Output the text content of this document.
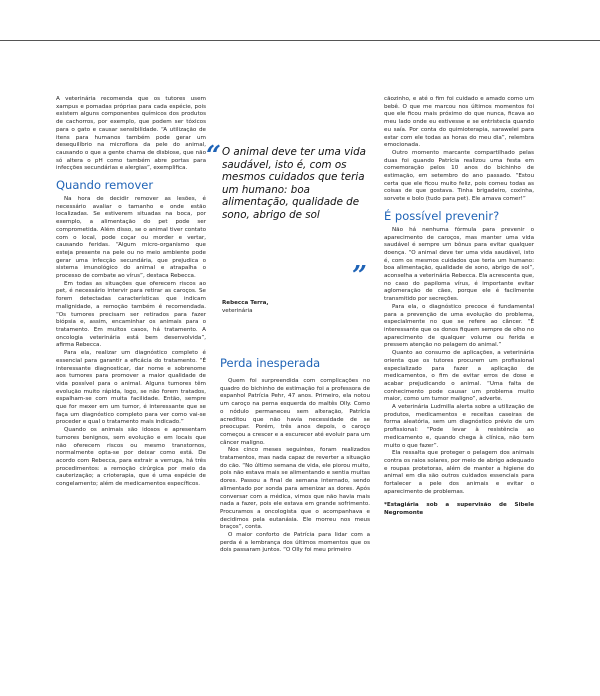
A veterinária recomenda que os tutores usem xampus e pomadas próprias para cada espécie, pois existem alguns componentes químicos dos produtos de cachorros, por exemplo, que podem ser tóxicos para o gato e causar sensibilidade. “A utilização de itens para humanos também pode gerar um desequilíbrio na microflora da pele do animal, causando o que a gente chama de disbiose, que não só altera o pH como também abre portas para infecções secundárias e alergias”, exemplifica.

Quando remover

Na hora de decidir remover as lesões, é necessário avaliar o tamanho e onde estão localizadas. Se estiverem situadas na boca, por exemplo, a alimentação do pet pode ser comprometida. Além disso, se o animal tiver contato com o local, pode coçar ou morder e vertar, causando feridas. “Algum micro-organismo que esteja presente na pele ou no meio ambiente pode gerar uma infecção secundária, que prejudica o sistema imunológico do animal e atrapalha o processo de combate ao vírus”, destaca Rebecca.

Em todas as situações que oferecem riscos ao pet, é necessário intervir para retirar as caroços. Se forem detectadas características que indicam malignidade, a remoção também é recomendada. “Os tumores precisam ser retirados para fazer biópsia e, assim, encaminhar os animais para o tratamento. Em muitos casos, há tratamento. A oncologia veterinária está bem desenvolvida”, afirma Rebecca.

Para ela, realizar um diagnóstico completo é essencial para garantir a eficácia do tratamento. “É interessante diagnosticar, dar nome e sobrenome aos tumores para promover a maior qualidade de vida possível para o animal. Alguns tumores têm evolução muito rápida, logo, se não forem tratados, espalham-se com muita facilidade. Então, sempre que for mexer em um tumor, é interessante que se faça um diagnóstico completo para ver como vai-se proceder e qual o tratamento mais indicado.”

Quando os animais são idosos e apresentam tumores benignos, sem evolução e em locais que não oferecem riscos ou mesmo transtornos, normalmente opta-se por deixar como está. De acordo com Rebecca, para extrair a verruga, há três procedimentos: a remoção cirúrgica por meio da cauterização; a crioterapia, que é uma espécie de congelamento; além de medicamentos específicos.

“ O animal deve ter uma vida saudável, isto é, com os mesmos cuidados que teria um humano: boa alimentação, qualidade de sono, abrigo de sol
”
Rebecca Terra,
veterinária
Perda inesperada

Quem foi surpreendida com complicações no quadro do bichinho de estimação foi a professora de espanhol Patrícia Pehr, 47 anos. Primeiro, ela notou um caroço na perna esquerda do maltês Olly. Como o nódulo permaneceu sem alteração, Patrícia acreditou que não havia necessidade de se preocupar. Porém, três anos depois, o caroço começou a crescer e a escurecer até evoluir para um câncer maligno.

Nos cinco meses seguintes, foram realizados tratamentos, mas nada capaz de reverter a situação do cão. “No último semana de vida, ele piorou muito, pois não estava mais se alimentando e sentia muitas dores. Passou a final de semana internado, sendo alimentado por sonda para amenizar as dores. Após conversar com a médica, vimos que não havia mais nada a fazer, pois ele estava em grande sofrimento. Procuramos a oncologista que o acompanhava e decidimos pela eutanásia. Ele morreu nos meus braços”, conta.

O maior conforto de Patrícia para lidar com a perda é a lembrança dos últimos momentos que os dois passaram juntos. “O Olly foi meu primeiro

cãozinho, e até o fim foi cuidado e amado como um bebê. O que me marcou nos últimos momentos foi que ele ficou mais próximo do que nunca, ficava ao meu lado onde eu estivesse e se entristecia quando eu saía. Por conta do quimioterapia, sarawelei para estar com ele todas as horas do meu dia”, relembra emocionada.

Outro momento marcante compartilhado pelas duas foi quando Patrícia realizou uma festa em comemoração pelos 10 anos do bichinho de estimação, em setembro do ano passado. “Estou certa que ele ficou muito feliz, pois comeu todas as coisas de que gostava. Tinha brigadeiro, coxinha, sorvete e bolo (tudo para pet). Ele amava comer!”

É possível prevenir?

Não há nenhuma fórmula para prevenir o aparecimento de caroços, mas manter uma vida saudável é sempre um bônus para evitar qualquer doença. “O animal deve ter uma vida saudável, isto é, com os mesmos cuidados que teria um humano: boa alimentação, qualidade de sono, abrigo de sol”, aconselha a veterinária Rebecca. Ela acrescenta que, no caso do papiloma vírus, é importante evitar aglomeração de cães, porque ele é facilmente transmitido por secreções.

Para ela, o diagnóstico precoce é fundamental para a prevenção de uma evolução do problema, especialmente no que se refere ao câncer. “É interessante que os donos fiquem sempre de olho no aparecimento de qualquer volume ou ferida e pressem atenção no pelagem do animal.”

Quanto ao consumo de aplicações, a veterinária orienta que os tutores procurem um profissional especializado para fazer a aplicação de medicamentos, o fim de evitar erros de dose e acabar prejudicando o animal. “Uma falta de conhecimento pode causar um problema muito maior, como um tumor maligno”, adverte.

A veterinária Ludmilla alerta sobre a utilização de produtos, medicamentos e receitas caseiras de forma aleatória, sem um diagnóstico prévio de um profissional: “Pode levar à resistência ao medicamento e, quando chega à clínica, não tem muito o que fazer”.

Ela ressalta que proteger o pelagem dos animais contra os raios solares, por meio de abrigo adequado e roupas protetoras, além de manter a higiene do animal em dia são outros cuidados essenciais para fortalecer a pele dos animais e evitar o aparecimento de problemas.

*Estagiária sob a supervisão de Sibele Negromonte
